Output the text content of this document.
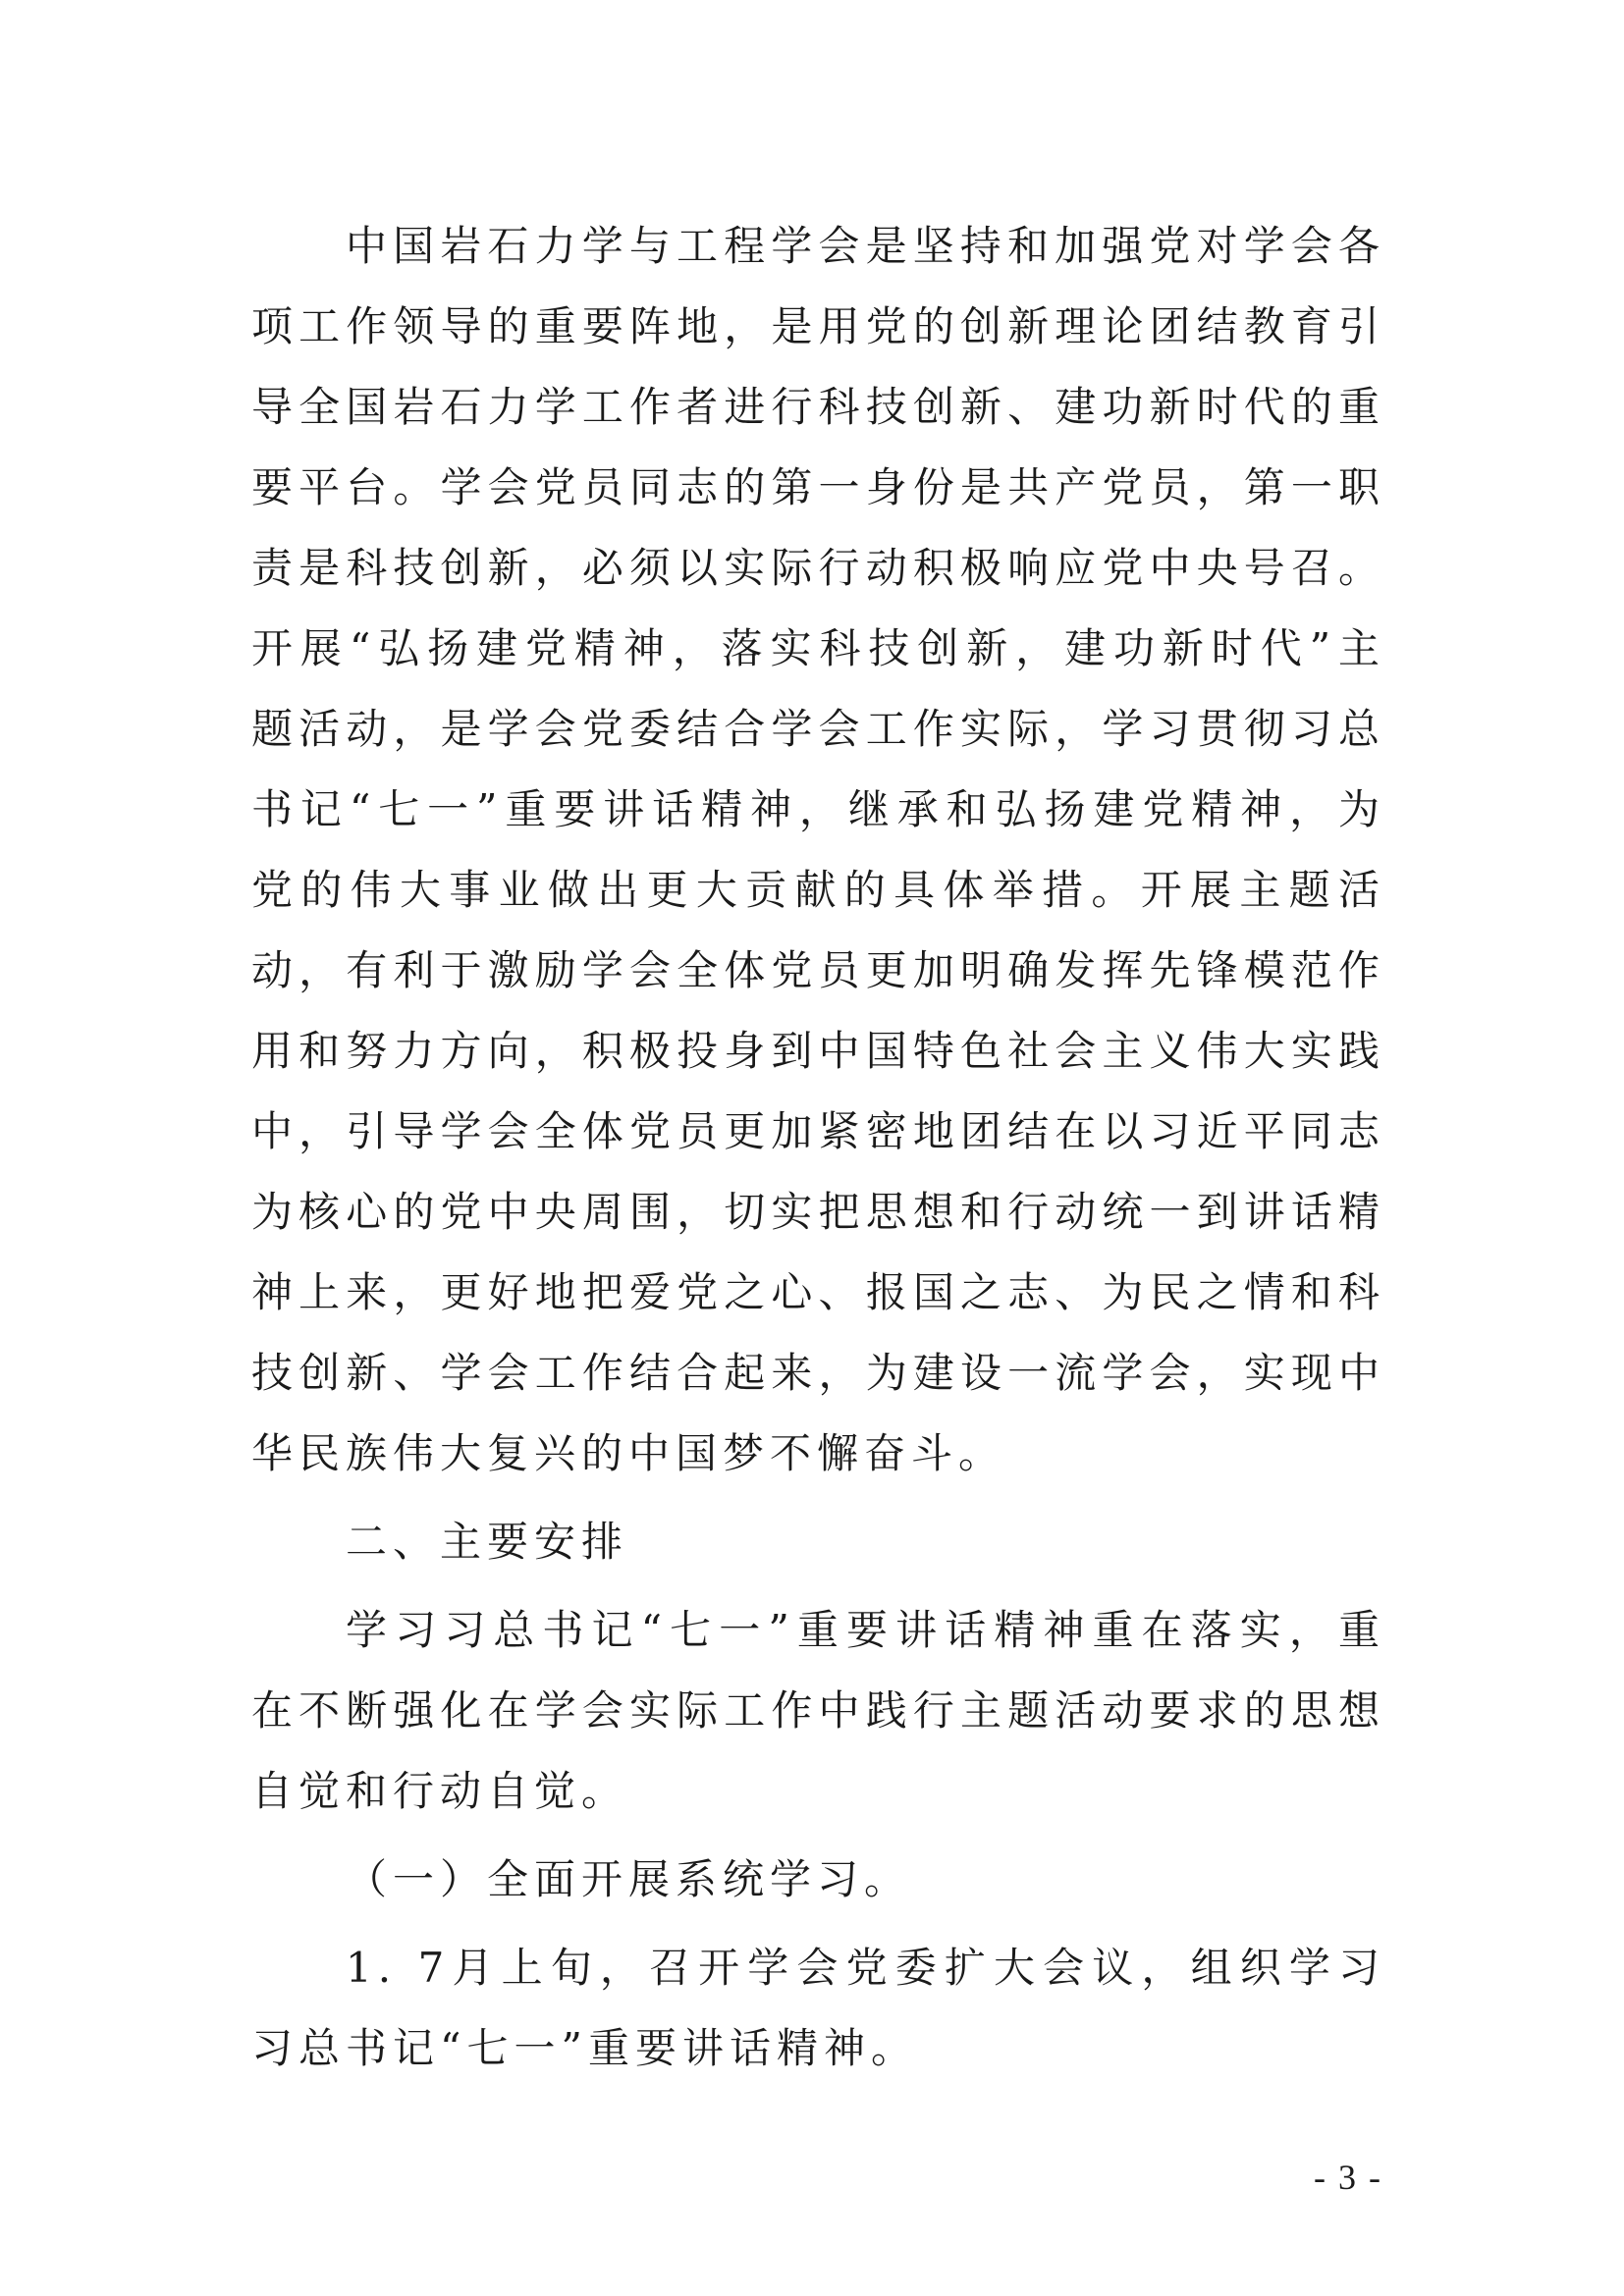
中国岩石力学与工程学会是坚持和加强党对学会各项工作领导的重要阵地，是用党的创新理论团结教育引导全国岩石力学工作者进行科技创新、建功新时代的重要平台。学会党员同志的第一身份是共产党员，第一职责是科技创新，必须以实际行动积极响应党中央号召。开展“弘扬建党精神，落实科技创新，建功新时代”主题活动，是学会党委结合学会工作实际，学习贯彻习总书记“七一”重要讲话精神，继承和弘扬建党精神，为党的伟大事业做出更大贡献的具体举措。开展主题活动，有利于激励学会全体党员更加明确发挥先锋模范作用和努力方向，积极投身到中国特色社会主义伟大实践中，引导学会全体党员更加紧密地团结在以习近平同志为核心的党中央周围，切实把思想和行动统一到讲话精神上来，更好地把爱党之心、报国之志、为民之情和科技创新、学会工作结合起来，为建设一流学会，实现中华民族伟大复兴的中国梦不懈奋斗。

二、主要安排

学习习总书记“七一”重要讲话精神重在落实，重在不断强化在学会实际工作中践行主题活动要求的思想自觉和行动自觉。

（一）全面开展系统学习。

1. 7月上旬，召开学会党委扩大会议，组织学习习总书记“七一”重要讲话精神。

- 3 -
